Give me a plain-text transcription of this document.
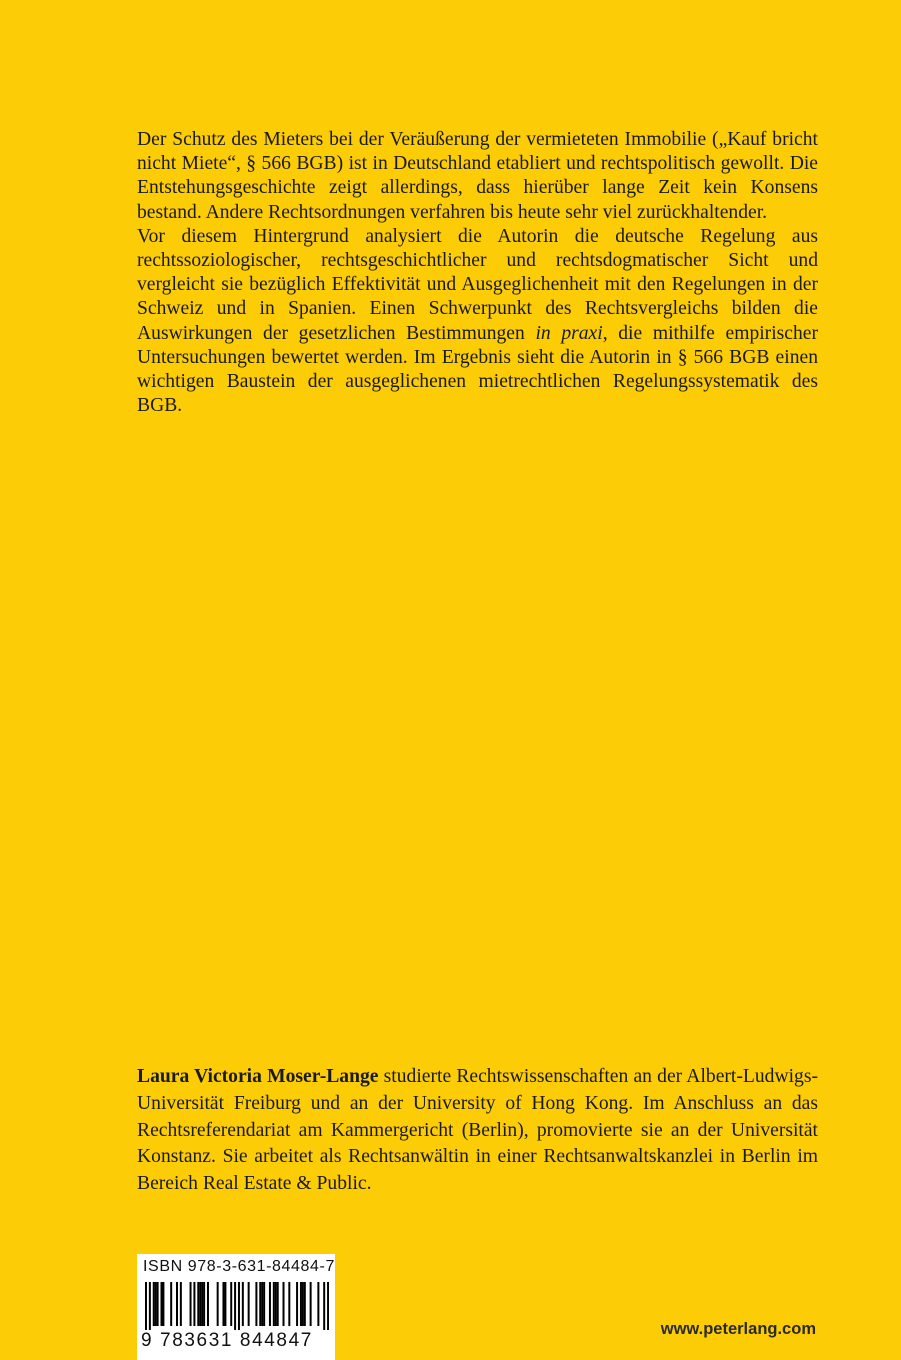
Der Schutz des Mieters bei der Veräußerung der vermieteten Immobilie („Kauf bricht nicht Miete“, § 566 BGB) ist in Deutschland etabliert und rechtspolitisch gewollt. Die Entstehungsgeschichte zeigt allerdings, dass hierüber lange Zeit kein Konsens bestand. Andere Rechtsordnungen verfahren bis heute sehr viel zurückhaltender.

Vor diesem Hintergrund analysiert die Autorin die deutsche Regelung aus rechtssoziologischer, rechtsgeschichtlicher und rechtsdogmatischer Sicht und vergleicht sie bezüglich Effektivität und Ausgeglichenheit mit den Regelungen in der Schweiz und in Spanien. Einen Schwerpunkt des Rechtsvergleichs bilden die Auswirkungen der gesetzlichen Bestimmungen in praxi, die mithilfe empirischer Untersuchungen bewertet werden. Im Ergebnis sieht die Autorin in § 566 BGB einen wichtigen Baustein der ausgeglichenen mietrechtlichen Regelungssystematik des BGB.

Laura Victoria Moser-Lange studierte Rechtswissenschaften an der Albert-Ludwigs-Universität Freiburg und an der University of Hong Kong. Im Anschluss an das Rechtsreferendariat am Kammergericht (Berlin), promovierte sie an der Universität Konstanz. Sie arbeitet als Rechtsanwältin in einer Rechtsanwaltskanzlei in Berlin im Bereich Real Estate & Public.
ISBN 978-3-631-84484-7
9 783631 844847
www.peterlang.com
